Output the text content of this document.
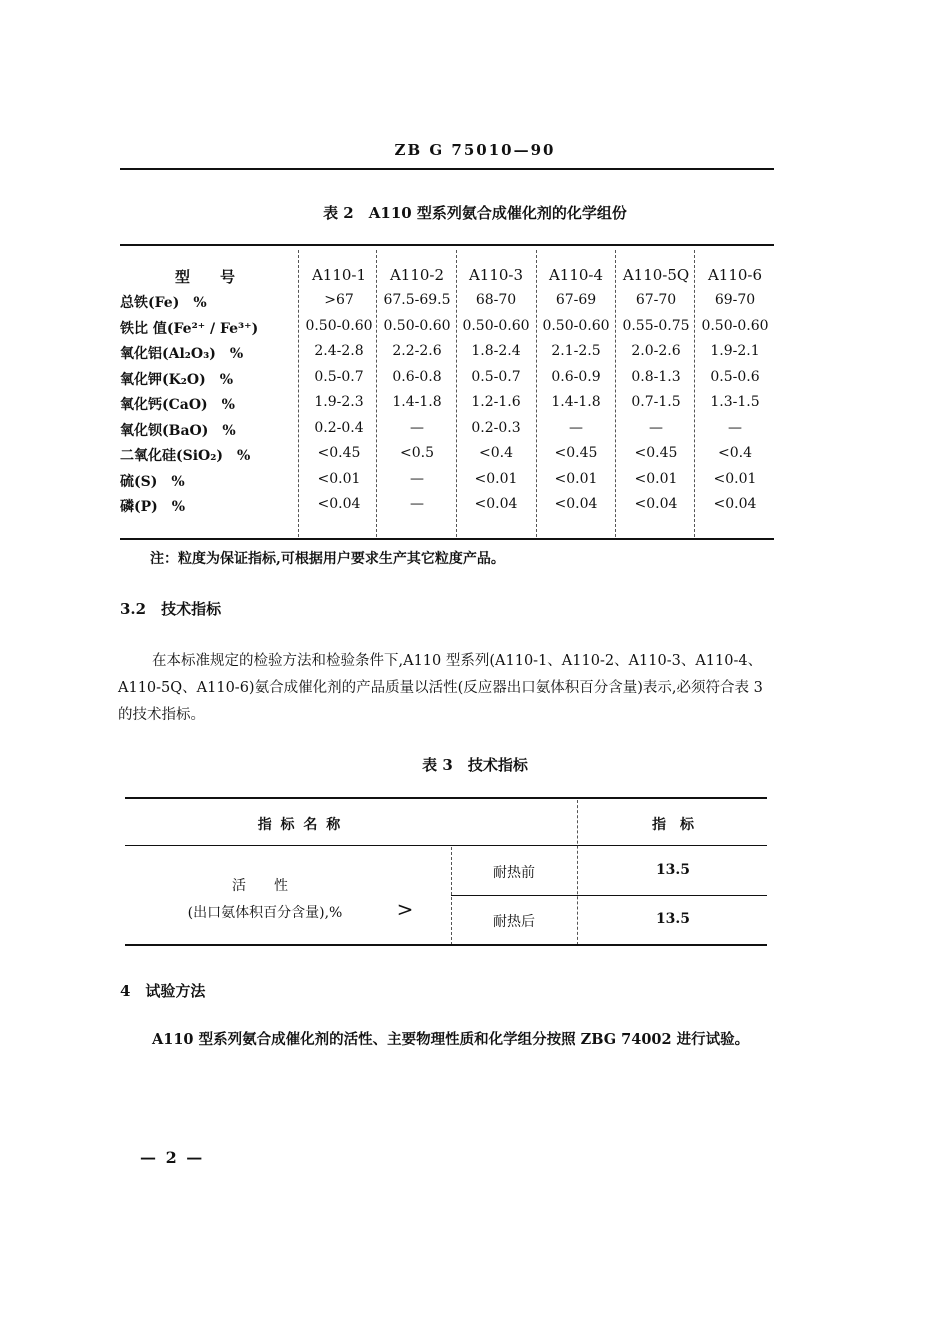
ZB G 75010—90
表 2　A110 型系列氨合成催化剂的化学组份
型　　号	A110-1	A110-2	A110-3	A110-4	A110-5Q	A110-6
总铁(Fe)　%	>67	67.5-69.5	68-70	67-69	67-70	69-70
铁比 值(Fe²⁺ / Fe³⁺)	0.50-0.60 0.50-0.60 0.50-0.60 0.50-0.60 0.55-0.75 0.50-0.60
氧化铝(Al₂O₃)　%	2.4-2.8	2.2-2.6	1.8-2.4	2.1-2.5	2.0-2.6	1.9-2.1
氧化钾(K₂O)　%	0.5-0.7	0.6-0.8	0.5-0.7	0.6-0.9	0.8-1.3	0.5-0.6
氧化钙(CaO)　%	1.9-2.3	1.4-1.8	1.2-1.6	1.4-1.8	0.7-1.5	1.3-1.5
氧化钡(BaO)　%	0.2-0.4	—	0.2-0.3	—	—	—
二氧化硅(SiO₂)　%	<0.45	<0.5	<0.4	<0.45	<0.45	<0.4
硫(S)　%	<0.01	—	<0.01	<0.01	<0.01	<0.01
磷(P)　%	<0.04	—	<0.04	<0.04	<0.04	<0.04
注：粒度为保证指标,可根据用户要求生产其它粒度产品。
3.2　技术指标
在本标准规定的检验方法和检验条件下,A110 型系列(A110-1、A110-2、A110-3、A110-4、A110-5Q、A110-6)氨合成催化剂的产品质量以活性(反应器出口氨体积百分含量)表示,必须符合表 3 的技术指标。
表 3　技术指标
指 标 名 称	指　标
活　　性
(出口氨体积百分含量),%	>
耐热前	13.5
耐热后	13.5
4　试验方法
A110 型系列氨合成催化剂的活性、主要物理性质和化学组分按照 ZBG 74002 进行试验。
— 2 —
